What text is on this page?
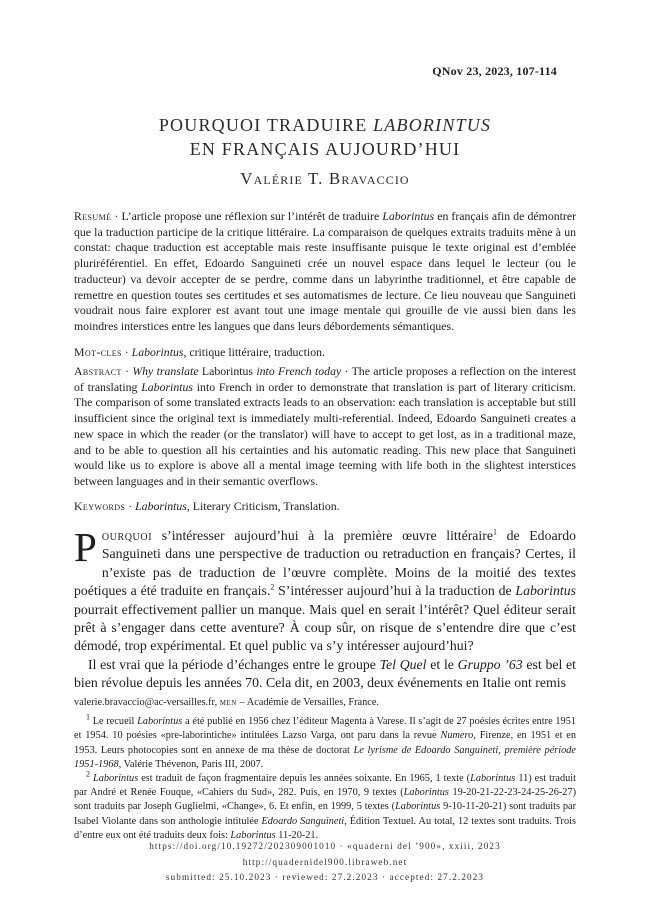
QNov 23, 2023, 107-114
POURQUOI TRADUIRE LABORINTUS
EN FRANÇAIS AUJOURD’HUI
Valérie T. Bravaccio
Resumé · L’article propose une réflexion sur l’intérêt de traduire Laborintus en français afin de démontrer que la traduction participe de la critique littéraire. La comparaison de quelques extraits traduits mène à un constat: chaque traduction est acceptable mais reste insuffisante puisque le texte original est d’emblée pluriréférentiel. En effet, Edoardo Sanguineti crée un nouvel espace dans lequel le lecteur (ou le traducteur) va devoir accepter de se perdre, comme dans un labyrinthe traditionnel, et être capable de remettre en question toutes ses certitudes et ses automatismes de lecture. Ce lieu nouveau que Sanguineti voudrait nous faire explorer est avant tout une image mentale qui grouille de vie aussi bien dans les moindres interstices entre les langues que dans leurs débordements sémantiques.
Mot-cles · Laborintus, critique littéraire, traduction.
Abstract · Why translate Laborintus into French today · The article proposes a reflection on the interest of translating Laborintus into French in order to demonstrate that translation is part of literary criticism. The comparison of some translated extracts leads to an observation: each translation is acceptable but still insufficient since the original text is immediately multi-referential. Indeed, Edoardo Sanguineti creates a new space in which the reader (or the translator) will have to accept to get lost, as in a traditional maze, and to be able to question all his certainties and his automatic reading. This new place that Sanguineti would like us to explore is above all a mental image teeming with life both in the slightest interstices between languages and in their semantic overflows.
Keywords · Laborintus, Literary Criticism, Translation.

Pourquoi s’intéresser aujourd’hui à la première œuvre littéraire$^1$ de Edoardo Sanguineti dans une perspective de traduction ou retraduction en français? Certes, il n’existe pas de traduction de l’œuvre complète. Moins de la moitié des textes poétiques a été traduite en français.$^2$ S’intéresser aujourd’hui à la traduction de Laborintus pourrait effectivement pallier un manque. Mais quel en serait l’intérêt? Quel éditeur serait prêt à s’engager dans cette aventure? À coup sûr, on risque de s’entendre dire que c’est démodé, trop expérimental. Et quel public va s’y intéresser aujourd’hui?

Il est vrai que la période d’échanges entre le groupe Tel Quel et le Gruppo ’63 est bel et bien révolue depuis les années 70. Cela dit, en 2003, deux événements en Italie ont remis

valerie.bravaccio@ac-versailles.fr, men – Académie de Versailles, France.

$^1$ Le recueil Laborintus a été publié en 1956 chez l’éditeur Magenta à Varese. Il s’agit de 27 poésies écrites entre 1951 et 1954. 10 poésies «pre-laborintiche» intitulées Lazso Varga, ont paru dans la revue Numero, Firenze, en 1951 et en 1953. Leurs photocopies sont en annexe de ma thèse de doctorat Le lyrisme de Edoardo Sanguineti, première période 1951-1968, Valérie Thévenon, Paris III, 2007.

$^2$ Laborintus est traduit de façon fragmentaire depuis les années soixante. En 1965, 1 texte (Laborintus 11) est traduit par André et Renée Fouque, «Cahiers du Sud», 282. Puis, en 1970, 9 textes (Laborintus 19-20-21-22-23-24-25-26-27) sont traduits par Joseph Guglielmi, «Change», 6. Et enfin, en 1999, 5 textes (Laborintus 9-10-11-20-21) sont traduits par Isabel Violante dans son anthologie intitulée Edoardo Sanguineti, Édition Textuel. Au total, 12 textes sont traduits. Trois d’entre eux ont été traduits deux fois: Laborintus 11-20-21.

https://doi.org/10.19272/202309001010 · «quaderni del ’900», xxiii, 2023
http://quadernidel900.libraweb.net
submitted: 25.10.2023 · reviewed: 27.2.2023 · accepted: 27.2.2023
